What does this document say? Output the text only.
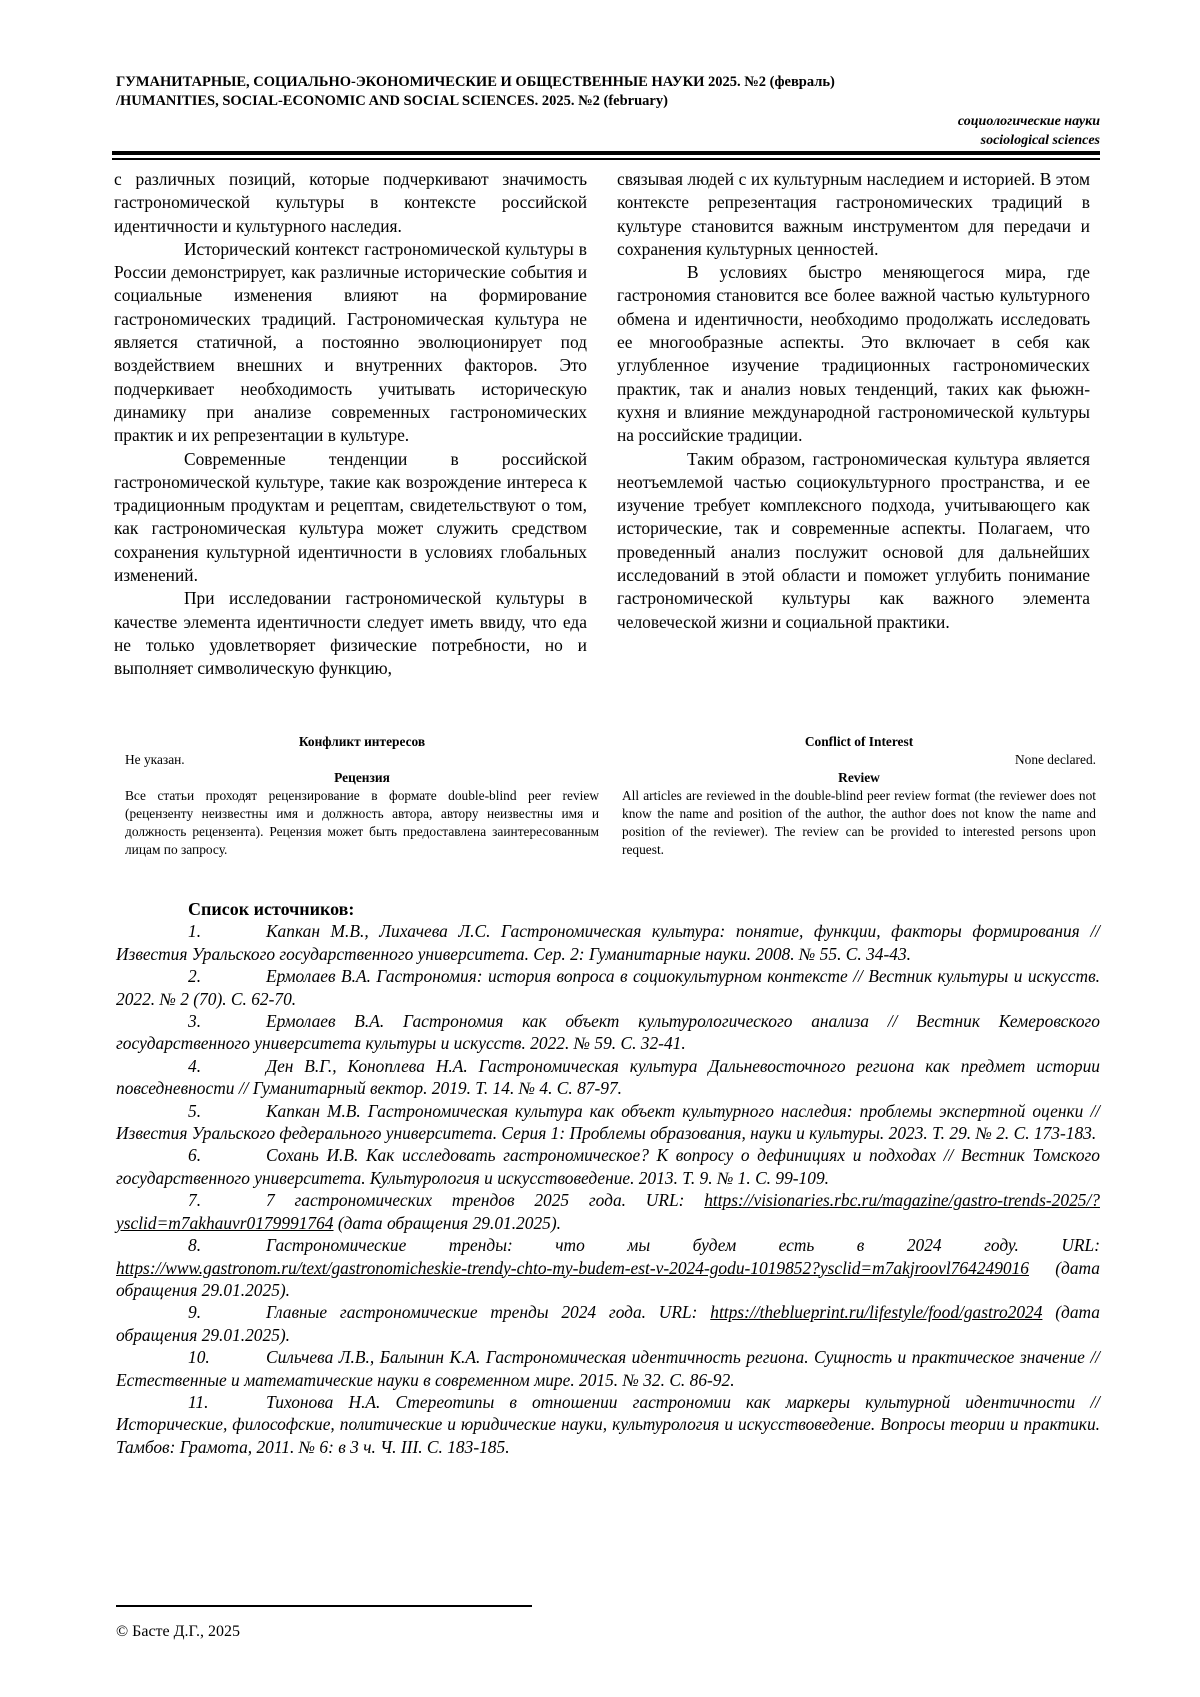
ГУМАНИТАРНЫЕ, СОЦИАЛЬНО-ЭКОНОМИЧЕСКИЕ И ОБЩЕСТВЕННЫЕ НАУКИ 2025. №2 (февраль)
/HUMANITIES, SOCIAL-ECONOMIC AND SOCIAL SCIENCES. 2025. №2 (february)
социологические науки
sociological sciences

с различных позиций, которые подчеркивают значимость гастрономической культуры в контексте российской идентичности и культурного наследия.

Исторический контекст гастрономической культуры в России демонстрирует, как различные исторические события и социальные изменения влияют на формирование гастрономических традиций. Гастрономическая культура не является статичной, а постоянно эволюционирует под воздействием внешних и внутренних факторов. Это подчеркивает необходимость учитывать историческую динамику при анализе современных гастрономических практик и их репрезентации в культуре.

Современные тенденции в российской гастрономической культуре, такие как возрождение интереса к традиционным продуктам и рецептам, свидетельствуют о том, как гастрономическая культура может служить средством сохранения культурной идентичности в условиях глобальных изменений.

При исследовании гастрономической культуры в качестве элемента идентичности следует иметь ввиду, что еда не только удовлетворяет физические потребности, но и выполняет символическую функцию,

связывая людей с их культурным наследием и историей. В этом контексте репрезентация гастрономических традиций в культуре становится важным инструментом для передачи и сохранения культурных ценностей.

В условиях быстро меняющегося мира, где гастрономия становится все более важной частью культурного обмена и идентичности, необходимо продолжать исследовать ее многообразные аспекты. Это включает в себя как углубленное изучение традиционных гастрономических практик, так и анализ новых тенденций, таких как фьюжн-кухня и влияние международной гастрономической культуры на российские традиции.

Таким образом, гастрономическая культура является неотъемлемой частью социокультурного пространства, и ее изучение требует комплексного подхода, учитывающего как исторические, так и современные аспекты. Полагаем, что проведенный анализ послужит основой для дальнейших исследований в этой области и поможет углубить понимание гастрономической культуры как важного элемента человеческой жизни и социальной практики.

Конфликт интересов
Не указан.
Рецензия
Все статьи проходят рецензирование в формате double-blind peer review (рецензенту неизвестны имя и должность автора, автору неизвестны имя и должность рецензента). Рецензия может быть предоставлена заинтересованным лицам по запросу.
Conflict of Interest
None declared.
Review
All articles are reviewed in the double-blind peer review format (the reviewer does not know the name and position of the author, the author does not know the name and position of the reviewer). The review can be provided to interested persons upon request.
Список источников:
1.	Капкан М.В., Лихачева Л.С. Гастрономическая культура: понятие, функции, факторы формирования // Известия Уральского государственного университета. Сер. 2: Гуманитарные науки. 2008. № 55. С. 34-43.
2.	Ермолаев В.А. Гастрономия: история вопроса в социокультурном контексте // Вестник культуры и искусств. 2022. № 2 (70). С. 62-70.
3.	Ермолаев В.А. Гастрономия как объект культурологического анализа // Вестник Кемеровского государственного университета культуры и искусств. 2022. № 59. С. 32-41.
4.	Ден В.Г., Коноплева Н.А. Гастрономическая культура Дальневосточного региона как предмет истории повседневности // Гуманитарный вектор. 2019. Т. 14. № 4. С. 87-97.
5.	Капкан М.В. Гастрономическая культура как объект культурного наследия: проблемы экспертной оценки // Известия Уральского федерального университета. Серия 1: Проблемы образования, науки и культуры. 2023. Т. 29. № 2. С. 173-183.
6.	Сохань И.В. Как исследовать гастрономическое? К вопросу о дефинициях и подходах // Вестник Томского государственного университета. Культурология и искусствоведение. 2013. Т. 9. № 1. С. 99-109.
7.	7 гастрономических трендов 2025 года. URL: https://visionaries.rbc.ru/magazine/gastro-trends-2025/?ysclid=m7akhauvr0179991764 (дата обращения 29.01.2025).
8.	Гастрономические тренды: что мы будем есть в 2024 году. URL: https://www.gastronom.ru/text/gastronomicheskie-trendy-chto-my-budem-est-v-2024-godu-1019852?ysclid=m7akjroovl764249016 (дата обращения 29.01.2025).
9.	Главные гастрономические тренды 2024 года. URL: https://theblueprint.ru/lifestyle/food/gastro2024 (дата обращения 29.01.2025).
10.	Сильчева Л.В., Балынин К.А. Гастрономическая идентичность региона. Сущность и практическое значение // Естественные и математические науки в современном мире. 2015. № 32. С. 86-92.
11.	Тихонова Н.А. Стереотипы в отношении гастрономии как маркеры культурной идентичности // Исторические, философские, политические и юридические науки, культурология и искусствоведение. Вопросы теории и практики. Тамбов: Грамота, 2011. № 6: в 3 ч. Ч. III. С. 183-185.
© Басте Д.Г., 2025
